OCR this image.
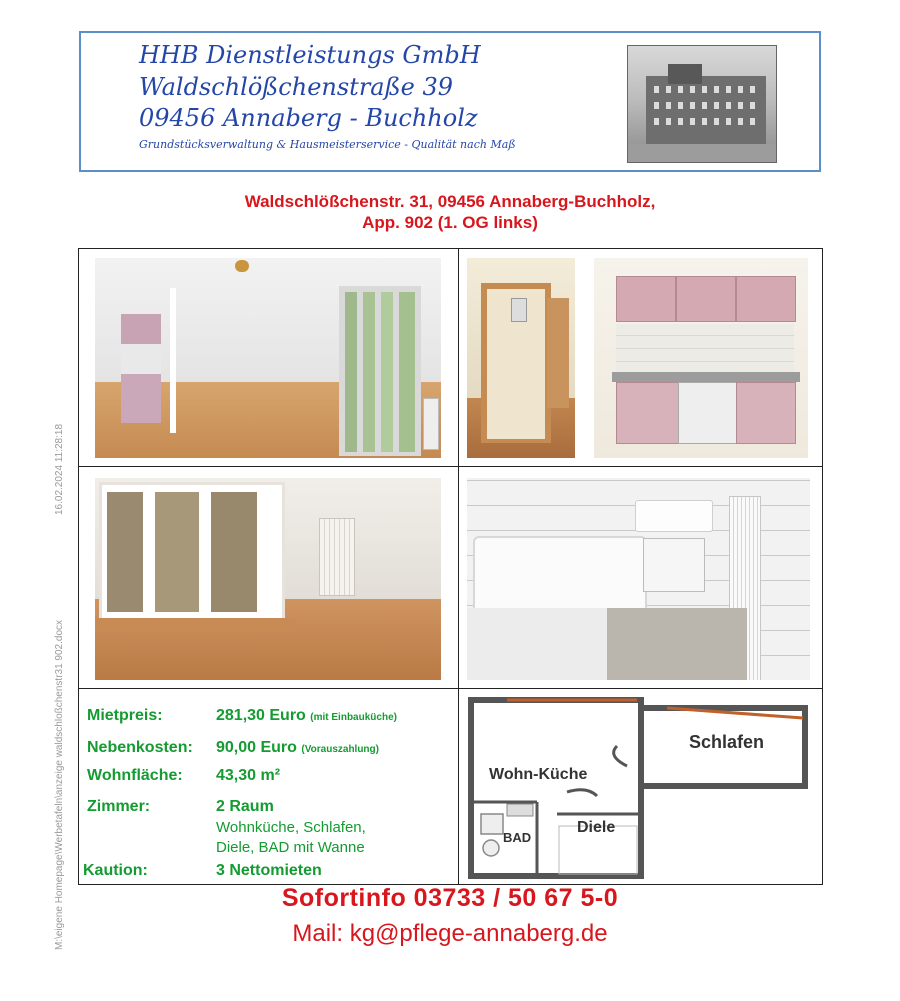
HHB Dienstleistungs GmbH
Waldschlößchenstraße 39
09456 Annaberg - Buchholz
Grundstücksverwaltung & Hausmeisterservice - Qualität nach Maß
Waldschlößchenstr. 31, 09456 Annaberg-Buchholz,
App. 902 (1. OG links)
Mietpreis:	281,30 Euro (mit Einbauküche)
Nebenkosten: 90,00 Euro (Vorauszahlung)
Wohnfläche: 43,30 m²
Zimmer:	2 Raum
Wohnküche, Schlafen,
Diele, BAD mit Wanne
Kaution:	3 Nettomieten
Schlafen
Wohn-Küche
Diele
BAD
Sofortinfo 03733 / 50 67 5-0
Mail: kg@pflege-annaberg.de
M:\eigene Homepage\Werbetafeln\anzeige waldschloßchenstr31 902.docx
16.02.2024 11:28:18
